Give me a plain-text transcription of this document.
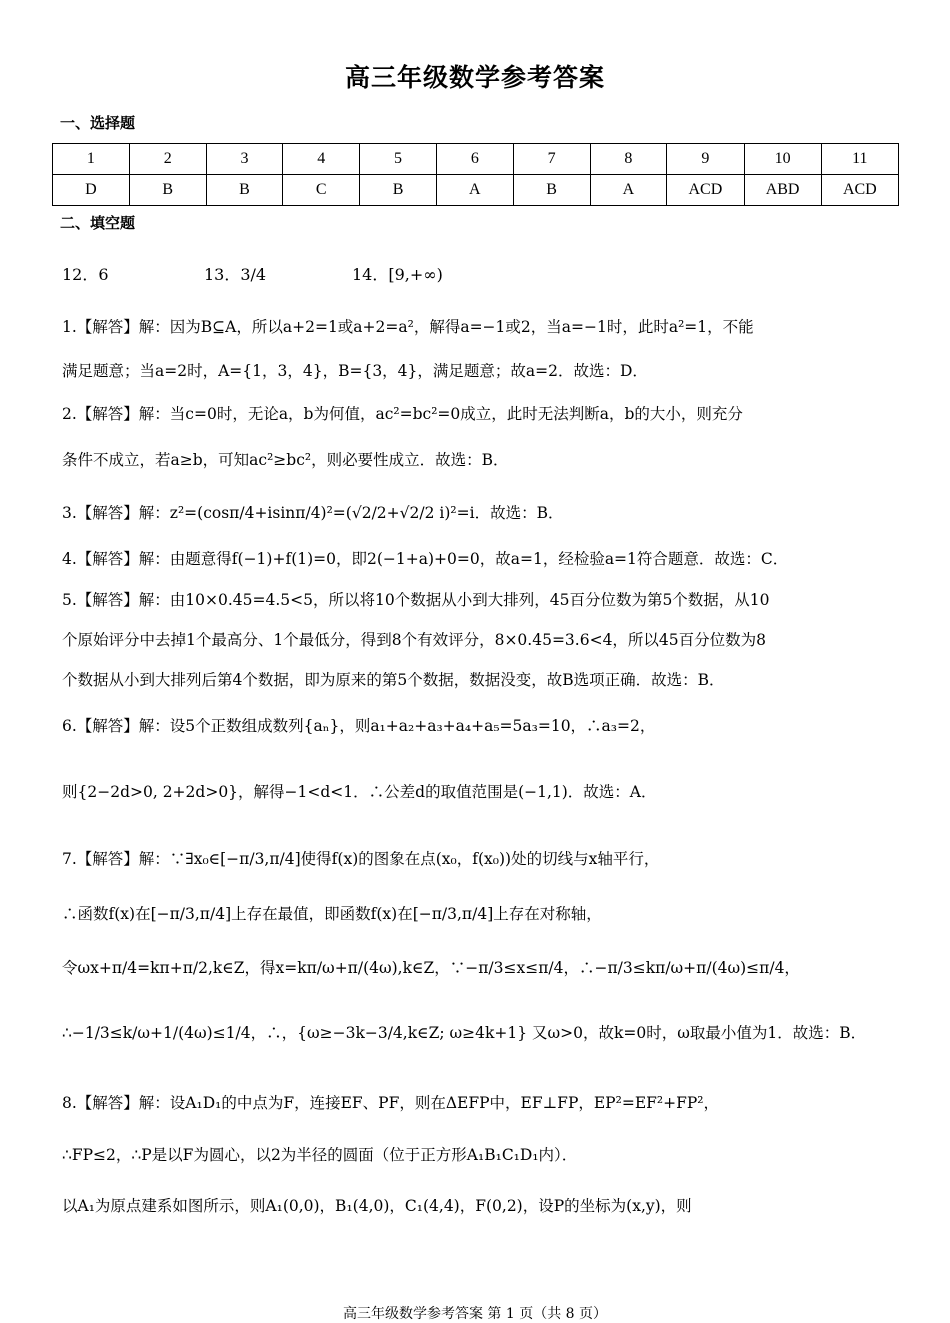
高三年级数学参考答案
一、选择题
1	2	3	4	5	6	7	8	9	10	11
D	B	B	C	B	A	B	A	ACD	ABD	ACD
二、填空题
12．6	13．3/4	14．[9,+∞)
1.【解答】解：因为B⊆A，所以a+2=1或a+2=a²，解得a=−1或2，当a=−1时，此时a²=1，不能
满足题意；当a=2时，A={1，3，4}，B={3，4}，满足题意；故a=2．故选：D．
2.【解答】解：当c=0时，无论a，b为何值，ac²=bc²=0成立，此时无法判断a，b的大小，则充分
条件不成立，若a≥b，可知ac²≥bc²，则必要性成立．故选：B．
3.【解答】解：z²=(cosπ/4+isinπ/4)²=(√2/2+√2/2 i)²=i．故选：B．
4.【解答】解：由题意得f(−1)+f(1)=0，即2(−1+a)+0=0，故a=1，经检验a=1符合题意．故选：C．
5.【解答】解：由10×0.45=4.5<5，所以将10个数据从小到大排列，45百分位数为第5个数据，从10
个原始评分中去掉1个最高分、1个最低分，得到8个有效评分，8×0.45=3.6<4，所以45百分位数为8
个数据从小到大排列后第4个数据，即为原来的第5个数据，数据没变，故B选项正确．故选：B．
6.【解答】解：设5个正数组成数列{aₙ}，则a₁+a₂+a₃+a₄+a₅=5a₃=10，∴a₃=2，
则{2−2d>0, 2+2d>0}，解得−1<d<1．∴公差d的取值范围是(−1,1)．故选：A．
7.【解答】解：∵∃x₀∈[−π/3,π/4]使得f(x)的图象在点(x₀，f(x₀))处的切线与x轴平行，
∴函数f(x)在[−π/3,π/4]上存在最值，即函数f(x)在[−π/3,π/4]上存在对称轴，
令ωx+π/4=kπ+π/2,k∈Z，得x=kπ/ω+π/(4ω),k∈Z，∵−π/3≤x≤π/4，∴−π/3≤kπ/ω+π/(4ω)≤π/4，
∴−1/3≤k/ω+1/(4ω)≤1/4，∴，{ω≥−3k−3/4,k∈Z; ω≥4k+1} 又ω>0，故k=0时，ω取最小值为1．故选：B．
8.【解答】解：设A₁D₁的中点为F，连接EF、PF，则在ΔEFP中，EF⊥FP，EP²=EF²+FP²，
∴FP≤2，∴P是以F为圆心，以2为半径的圆面（位于正方形A₁B₁C₁D₁内）．
以A₁为原点建系如图所示，则A₁(0,0)，B₁(4,0)，C₁(4,4)，F(0,2)，设P的坐标为(x,y)，则
高三年级数学参考答案 第 1 页（共 8 页）
